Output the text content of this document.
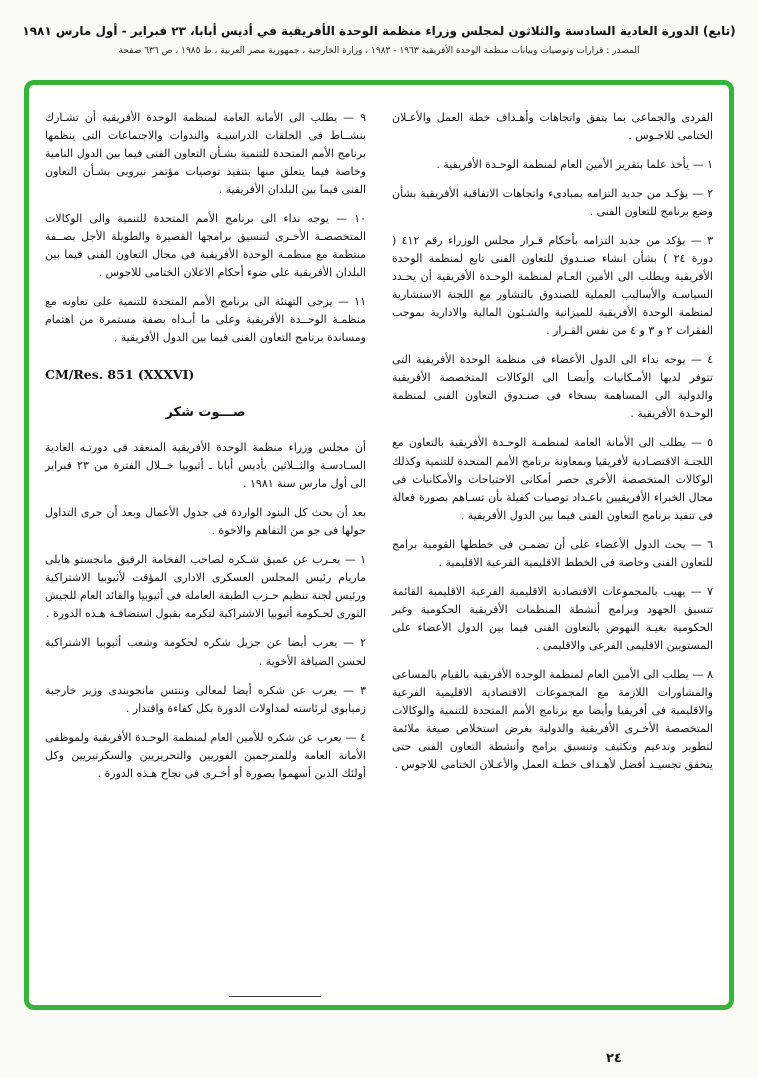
(تابع) الدورة العادية السادسة والثلاثون لمجلس وزراء منظمة الوحدة الأفريقية في أديس أبابا، ٢٣ فبراير - أول مارس ١٩٨١
المصدر : قرارات وتوصيات وبيانات منظمة الوحدة الأفريقية ١٩٦٣ - ١٩٨٣ ، وزارة الخارجية ، جمهورية مصر العربية ، ط ١٩٨٥ ، ص ٦٣٦ صفحة

الفردى والجماعى بما يتفق واتجاهات وأهـداف خطة العمل والأعـلان الختامى للاجـوس .

١ — يأخذ علما بتقرير الأمين العام لمنظمة الوحـدة الأفريقية .

٢ — يؤكـد من جديد التزامه بمبادىء واتجاهات الاتفاقية الأفريقية بشأن وضع برنامج للتعاون الفنى .

٣ — يؤكد من جديد التزامه بأحكام قـرار مجلس الوزراء رقم ٤١٢ ( دورة ٢٤ ) بشأن انشاء صنـدوق للتعاون الفنى تابع لمنظمة الوحدة الأفريقية ويطلب الى الأمين العـام لمنظمة الوحـدة الأفريقية أن يحـدد السياسـة والأساليب العملية للصندوق بالتشاور مع اللجنة الاستشارية لمنظمة الوحدة الأفريقية للميزانية والشـئون المالية والادارية بموجب الفقرات ٢ و ٣ و ٤ من نفس القـرار .

٤ — يوجه نداء الى الدول الأعضاء فى منظمة الوحدة الأفريقية التى تتوفر لديها الأمـكانيات وأيضـا الى الوكالات المتخصصة الأفريقية والدولية الى المساهمة بسخاء فى صنـدوق التعاون الفنى لمنظمة الوحـدة الأفريقية .

٥ — يطلب الى الأمانة العامة لمنظمـة الوحـدة الأفريقية بالتعاون مع اللجنـة الاقتصـادية لأفريقيا وبمعاونة برنامج الأمم المتحدة للتنمية وكذلك الوكالات المتخصصة الأخرى حصر أمكانى الاحتياجات والأمكانيات فى مجال الخبراء الأفريقيين باعـداد توصيات كفيلة بأن تسـاهم بصورة فعالة فى تنفيذ برنامج التعاون الفنى فيما بين الدول الأفريقية .

٦ — يحث الدول الأعضاء على أن تضمـن فى خططها القومية برامج للتعاون الفنى وخاصة فى الخطط الاقليمية الفرعية الاقليمية .

٧ — يهيب بالمجموعات الاقتصادية الاقليمية الفرعية الاقليمية القائمة تنسيق الجهود وبرامج أنشطة المنظمات الأفريقية الحكومية وغير الحكومية بغيـة النهوض بالتعاون الفنى فيما بين الدول الأعضاء على المستويين الاقليمى الفرعى والاقليمى .

٨ — يطلب الى الأمين العام لمنظمة الوحدة الأفريقية بالقيام بالمساعى والمشاورات اللازمة مع المجموعات الاقتصادية الاقليمية الفرعية والاقليمية فى أفريقيا وأيضا مع برنامج الأمم المتحدة للتنمية والوكالات المتخصصة الأخـرى الأفريقية والدولية بغرض استخلاص صيغة ملائمة لتطوير وتدعيم وتكثيف وتنسيق برامج وأنشطة التعاون الفنى حتى يتحقق تجسيـد أفضل لأهـداف خطـة العمل والأعـلان الختامى للاجوس .

٩ — يطلب الى الأمانة العامة لمنظمة الوحدة الأفريقية أن تشـارك بنشــاط فى الحلقات الدراسيـة والندوات والاجتماعات التى ينظمها برنامج الأمم المتحدة للتنمية بشـأن التعاون الفنى فيما بين الدول النامية وخاصة فيما يتعلق منها بتنفيذ توصيات مؤتمر نيروبى بشـأن التعاون الفنى فيما بين البلدان الأفريقية .

١٠ — يوجه نداء الى برنامج الأمم المتحدة للتنمية والى الوكالات المتخصصـة الأخـرى لتنسيق برامجها القصيرة والطويلة الأجل بصــفة منتظمة مع منظمـة الوحدة الأفريقية فى مجال التعاون الفنى فيما بين البلدان الأفريقية على ضوء أحكام الاعلان الختامى للاجوس .

١١ — يزجى التهنئة الى برنامج الأمم المتحدة للتنمية على تعاونه مع منظمـة الوحــدة الأفريقية وعلى ما أبـداه بصفة مستمرة من اهتمام ومساندة برنامج التعاون الفنى فيما بين الدول الأفريقية .

CM/Res. 851 (XXXVI)
صـــوت شكر

أن مجلس وزراء منظمة الوحدة الأفريقية المنعقد فى دورتـه العادية السـادسـة والثــلاثين بأديس أبابا ـ أثيوبيا خــلال الفترة من ٢٣ فبراير الى أول مارس سنة ١٩٨١ .

بعد أن بحث كل البنود الواردة فى جدول الأعمال وبعد أن جرى التداول حولها فى جو من التفاهم والاخوة .

١ — يعـرب عن عميق شـكره لصاحب الفخامة الرفيق مانجستو هايلى ماريام رئيس المجلس العسكرى الادارى المؤقت لأثيوبيا الاشتراكية ورئيس لجنة تنظيم حـزب الطبقة العاملة فى أثيوبيا والقائد العام للجيش الثورى لحـكومة أثيوبيا الاشتراكية لتكرمه بقبول استضافـة هـذه الدورة .

٢ — يعرب أيضا عن جزيل شكره لحكومة وشعب أثيوبيا الاشتراكية لحسن الضيافة الأخوية .

٣ — يعرب عن شكره أيضا لمعالى وننتس مانجويندى وزير خارجية زمبابوى لرئاسته لمداولات الدورة بكل كفاءة واقتدار .

٤ — يعرب عن شكره للأمين العام لمنظمة الوحـدة الأفريقية ولموظفى الأمانة العامة وللمترجمين الفوريين والتحريريين والسكرتيريين وكل أولئك الذين أسهموا بصورة أو أخـرى فى نجاح هـذه الدورة .

٢٤
